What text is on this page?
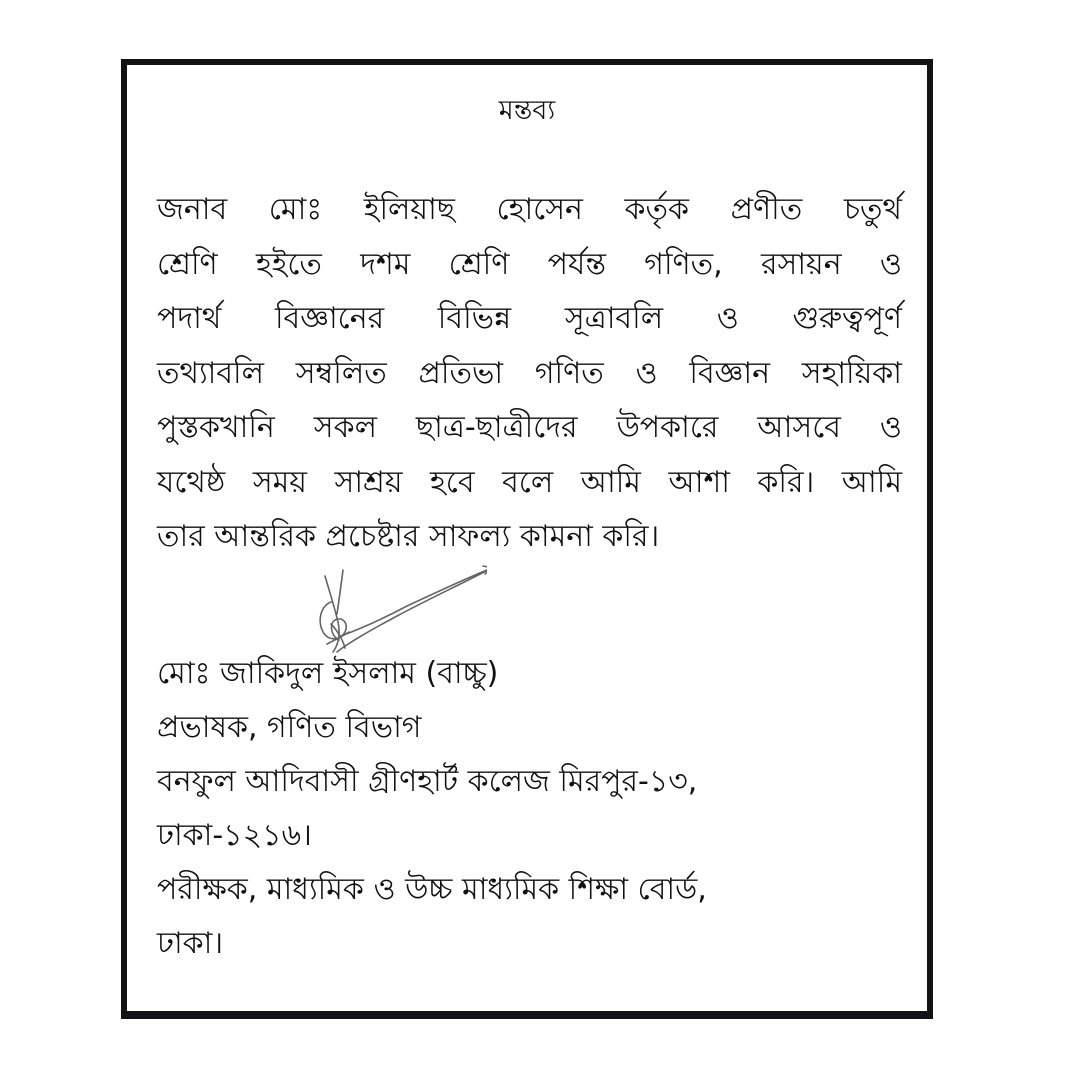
মন্তব্য
জনাব মোঃ ইলিয়াছ হোসেন কর্তৃক প্রণীত চতুর্থ
শ্রেণি হইতে দশম শ্রেণি পর্যন্ত গণিত, রসায়ন ও
পদার্থ বিজ্ঞানের বিভিন্ন সূত্রাবলি ও গুরুত্বপূর্ণ
তথ্যাবলি সম্বলিত প্রতিভা গণিত ও বিজ্ঞান সহায়িকা
পুস্তকখানি সকল ছাত্র-ছাত্রীদের উপকারে আসবে ও
যথেষ্ঠ সময় সাশ্রয় হবে বলে আমি আশা করি। আমি
তার আন্তরিক প্রচেষ্টার সাফল্য কামনা করি।
মোঃ জাকিদুল ইসলাম (বাচ্চু)
প্রভাষক, গণিত বিভাগ
বনফুল আদিবাসী গ্রীণহার্ট কলেজ মিরপুর-১৩,
ঢাকা-১২১৬।
পরীক্ষক, মাধ্যমিক ও উচ্চ মাধ্যমিক শিক্ষা বোর্ড,
ঢাকা।
